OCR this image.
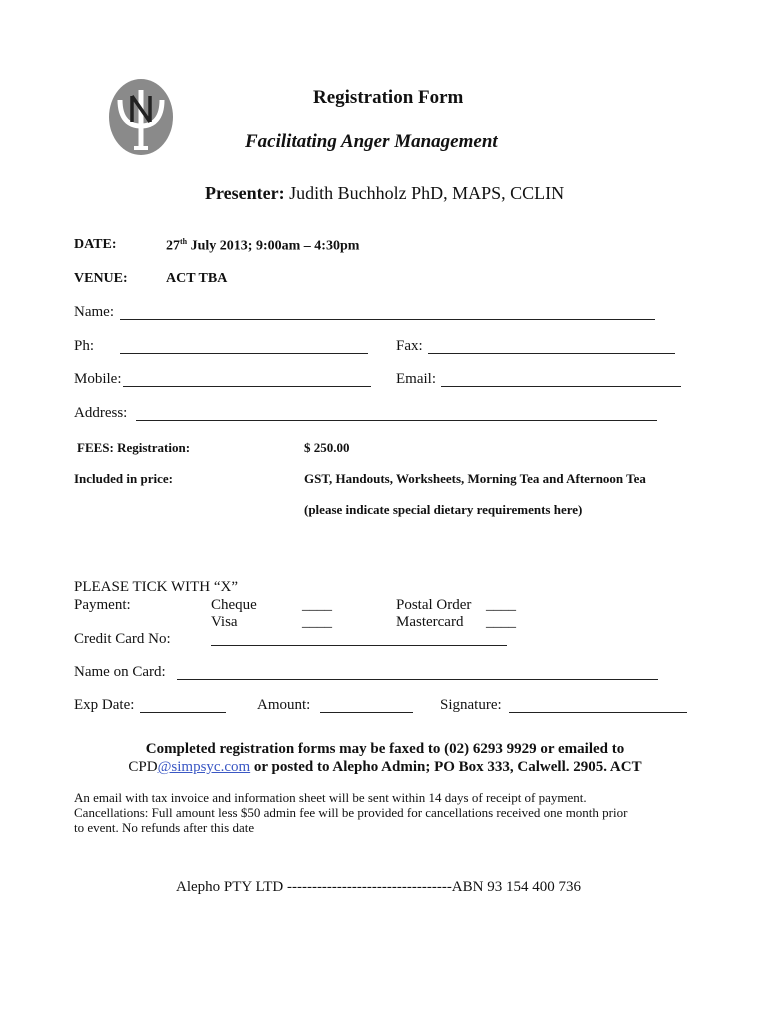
Registration Form
Facilitating Anger Management
Presenter: Judith Buchholz PhD, MAPS, CCLIN
DATE:	27th July 2013; 9:00am – 4:30pm
VENUE:	ACT TBA
Name:
Ph:	Fax:
Mobile:	Email:
Address:
FEES: Registration:	$ 250.00
Included in price:	GST, Handouts, Worksheets, Morning Tea and Afternoon Tea
(please indicate special dietary requirements here)
PLEASE TICK WITH “X”
Payment:	Cheque	____	Postal Order ____
Visa	____	Mastercard ____
Credit Card No:
Name on Card:
Exp Date:	Amount:	Signature:
Completed registration forms may be faxed to (02) 6293 9929 or emailed to
CPD@simpsyc.com or posted to Alepho Admin; PO Box 333, Calwell. 2905. ACT
An email with tax invoice and information sheet will be sent within 14 days of receipt of payment.
Cancellations: Full amount less $50 admin fee will be provided for cancellations received one month prior
to event. No refunds after this date
Alepho PTY LTD ---------------------------------ABN 93 154 400 736
